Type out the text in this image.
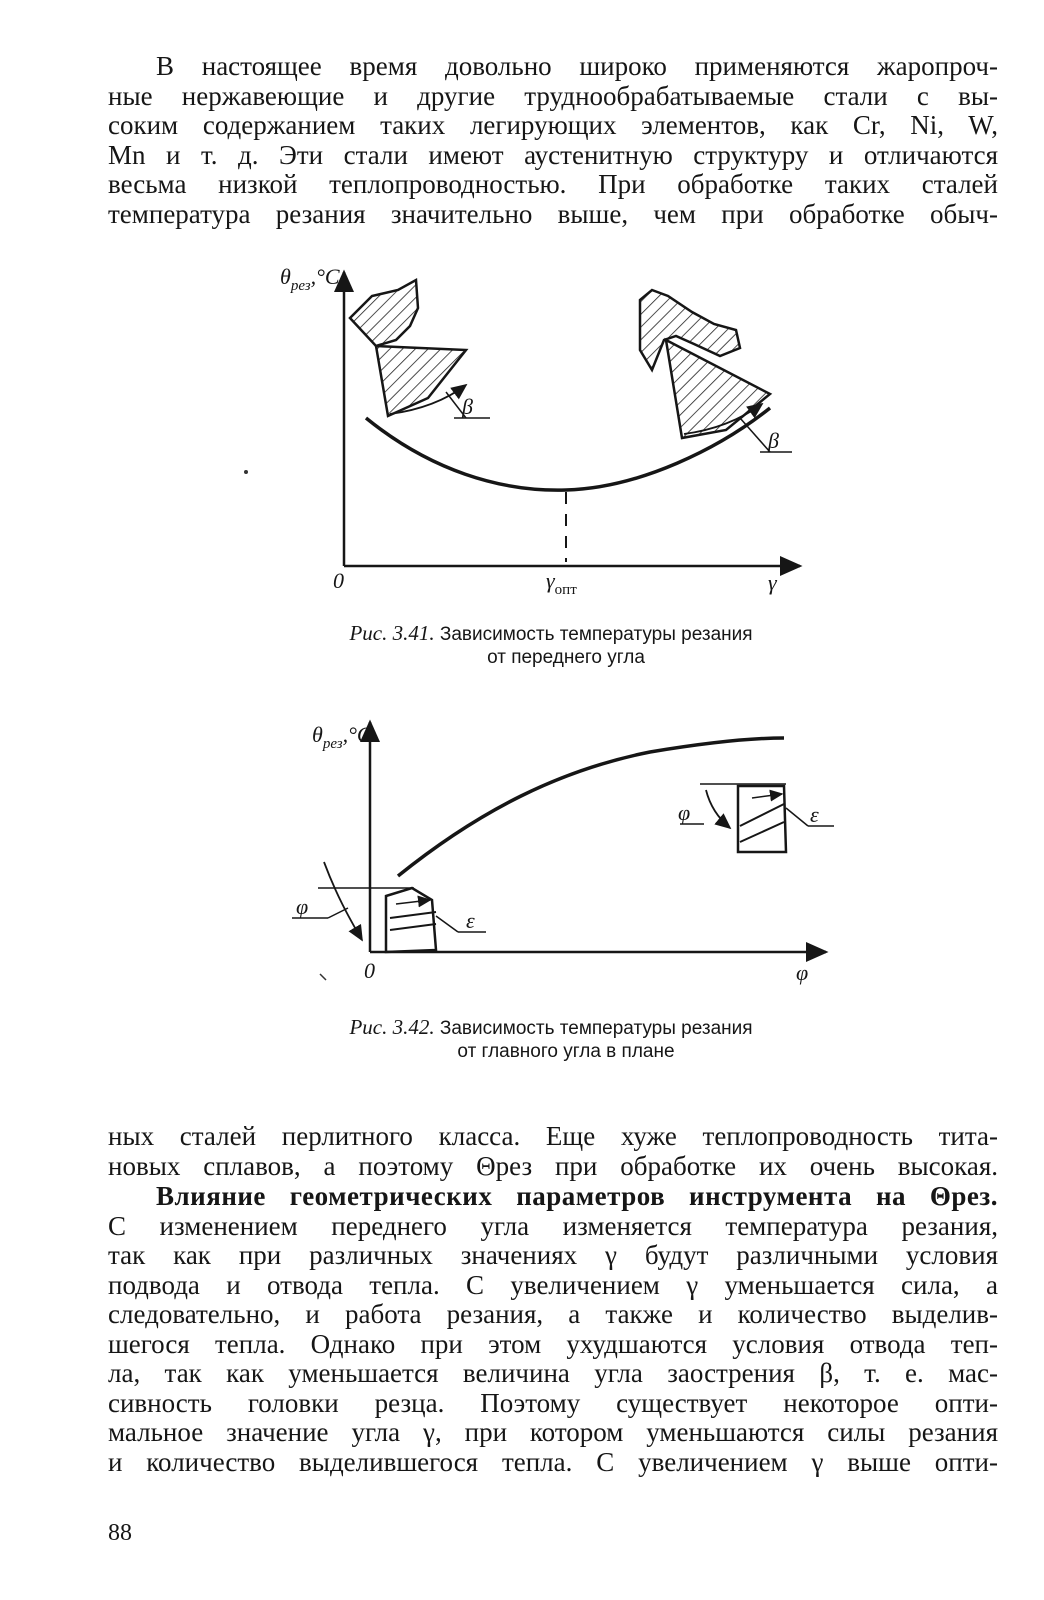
В настоящее время довольно широко применяются жаропроч-
ные нержавеющие и другие труднообрабатываемые стали с вы-
соким содержанием таких легирующих элементов, как Cr, Ni, W,
Mn и т. д. Эти стали имеют аустенитную структуру и отличаются
весьма низкой теплопроводностью. При обработке таких сталей
температура резания значительно выше, чем при обработке обыч-
$\theta_{рез},^\circ C$
0	$\gamma_{опт}$	γ
β
β
$\theta_{рез},^\circ C$
0	φ
φ
φ
ε
ε
Рис. 3.41. Зависимость температуры резания
от переднего угла
Рис. 3.42. Зависимость температуры резания
от главного угла в плане
ных сталей перлитного класса. Еще хуже теплопроводность тита-
новых сплавов, а поэтому Θрез при обработке их очень высокая.
Влияние геометрических параметров инструмента на Θрез.
С изменением переднего угла изменяется температура резания,
так как при различных значениях γ будут различными условия
подвода и отвода тепла. С увеличением γ уменьшается сила, а
следовательно, и работа резания, а также и количество выделив-
шегося тепла. Однако при этом ухудшаются условия отвода теп-
ла, так как уменьшается величина угла заострения β, т. е. мас-
сивность головки резца. Поэтому существует некоторое опти-
мальное значение угла γ, при котором уменьшаются силы резания
и количество выделившегося тепла. С увеличением γ выше опти-
88
